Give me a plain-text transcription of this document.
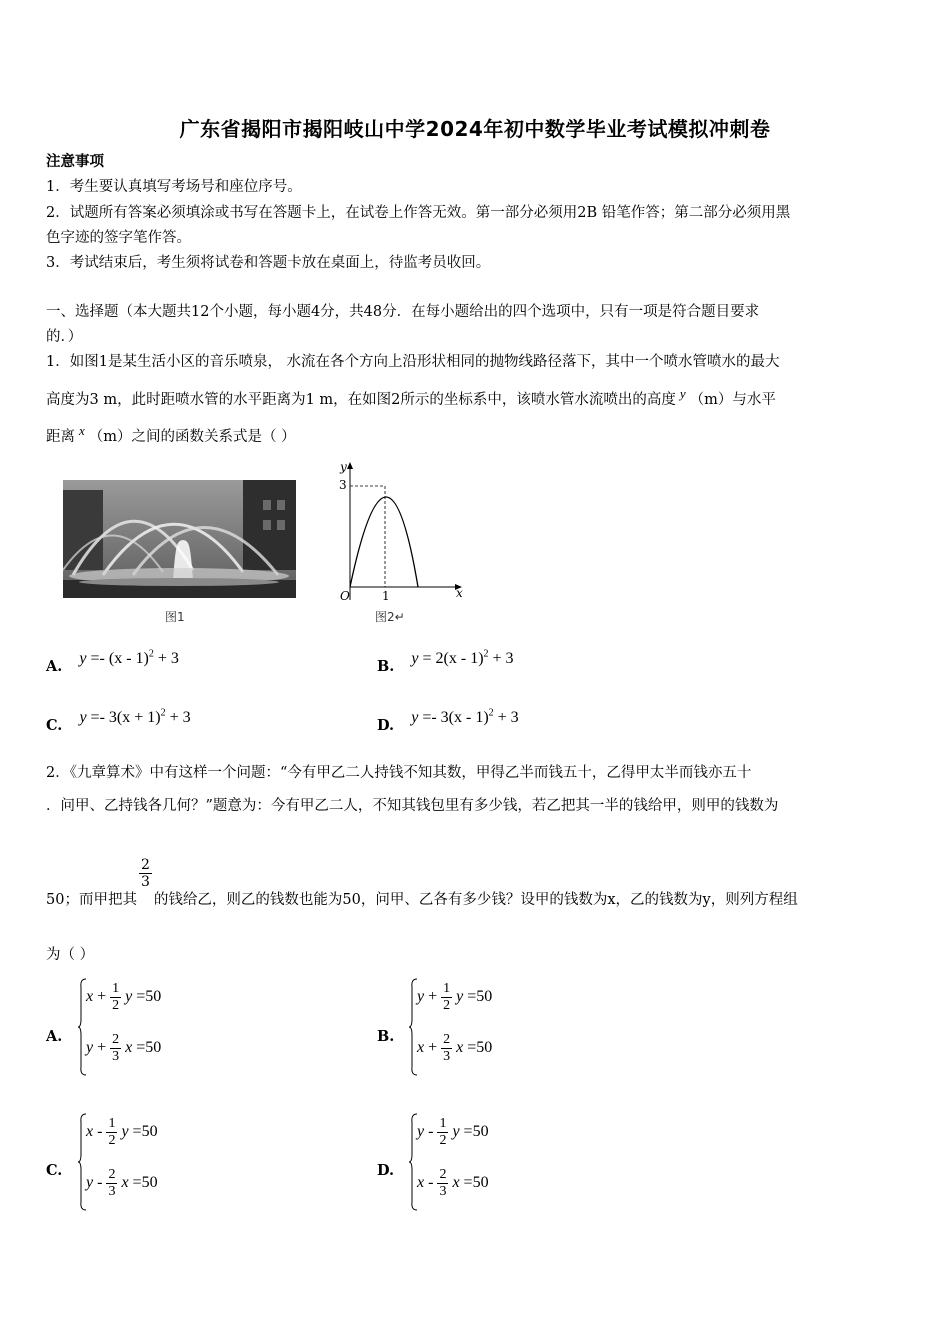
广东省揭阳市揭阳岐山中学2024年初中数学毕业考试模拟冲刺卷
注意事项
1．考生要认真填写考场号和座位序号。
2．试题所有答案必须填涂或书写在答题卡上，在试卷上作答无效。第一部分必须用2B 铅笔作答；第二部分必须用黑
色字迹的签字笔作答。
3．考试结束后，考生须将试卷和答题卡放在桌面上，待监考员收回。
一、选择题（本大题共12个小题，每小题4分，共48分．在每小题给出的四个选项中，只有一项是符合题目要求
的．）
1．如图1是某生活小区的音乐喷泉， 水流在各个方向上沿形状相同的抛物线路径落下，其中一个喷水管喷水的最大
高度为3 m，此时距喷水管的水平距离为1 m，在如图2所示的坐标系中，该喷水管水流喷出的高度 y （m）与水平
距离 x （m）之间的函数关系式是（ ）
图1
y
x
O
3
1
图2↵
A. y =- (x - 1)$^2$ + 3	B. y = 2(x - 1)$^2$ + 3
C. $y =- 3(x + 1)^2 + 3$	D. y =- 3(x - 1)$^2$ + 3
2．《九章算术》中有这样一个问题：“今有甲乙二人持钱不知其数，甲得乙半而钱五十，乙得甲太半而钱亦五十
．问甲、乙持钱各几何？”题意为：今有甲乙二人，不知其钱包里有多少钱，若乙把其一半的钱给甲，则甲的钱数为
50；而甲把其
$\frac{2}{3}$
的钱给乙，则乙的钱数也能为50，问甲、乙各有多少钱？设甲的钱数为x，乙的钱数为y，则列方程组
为（ ）
A.
$x + \frac{1}{2}$ y =50
$y + \frac{2}{3}$ x =50
B.
$y + \frac{1}{2}$ y =50
$x + \frac{2}{3}$ x =50
C.
x - $\frac{1}{2}$ y =50
y - $\frac{2}{3}$ x =50
D.
y - $\frac{1}{2}$ y =50
x - $\frac{2}{3}$ x =50
